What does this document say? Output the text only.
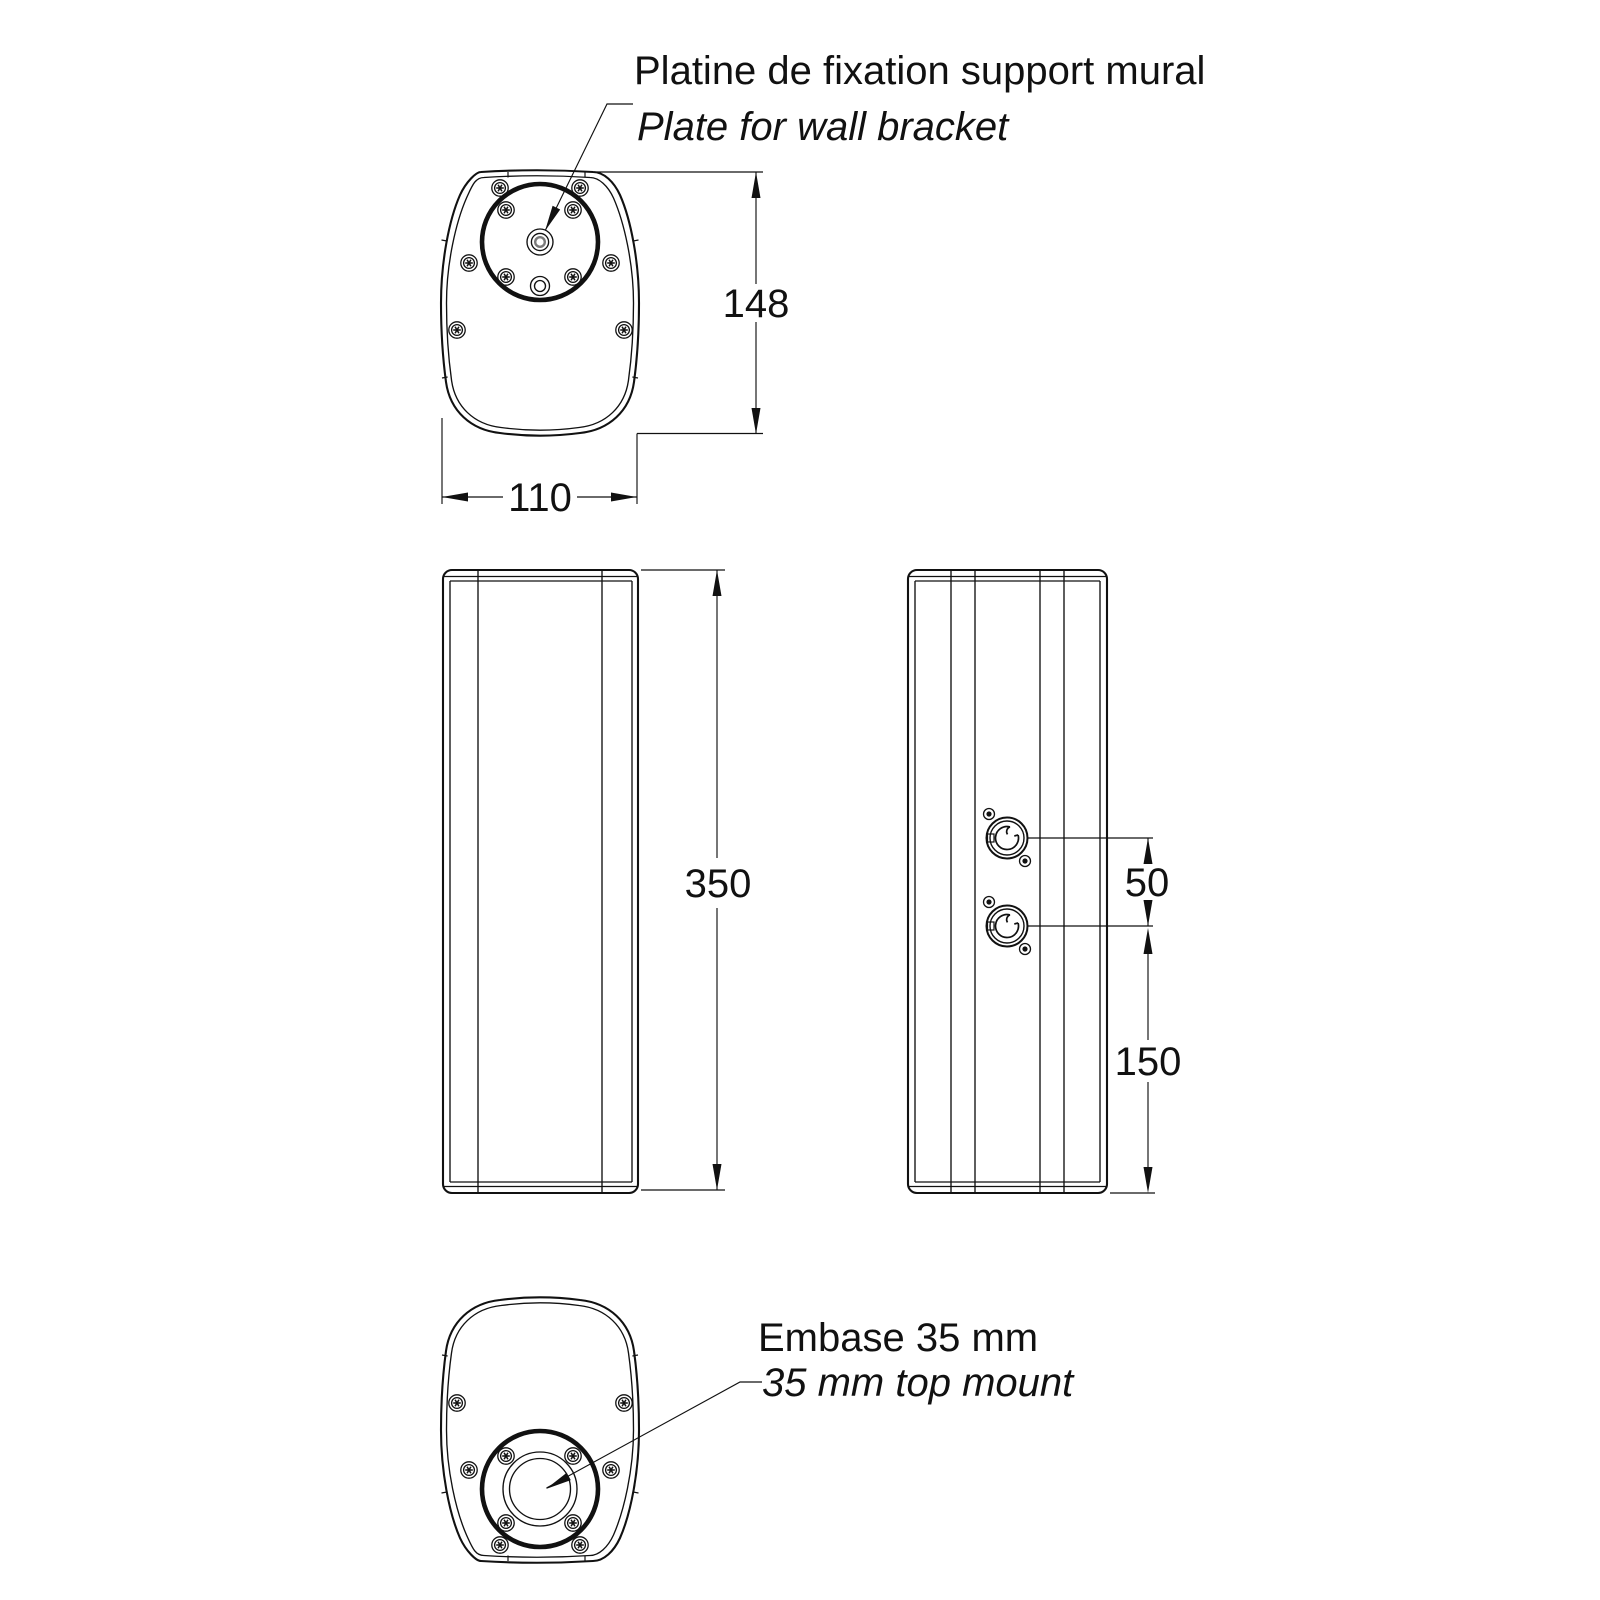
Platine de fixation support mural
Plate for wall bracket
148
110
350	50
150
Embase 35 mm
35 mm top mount
